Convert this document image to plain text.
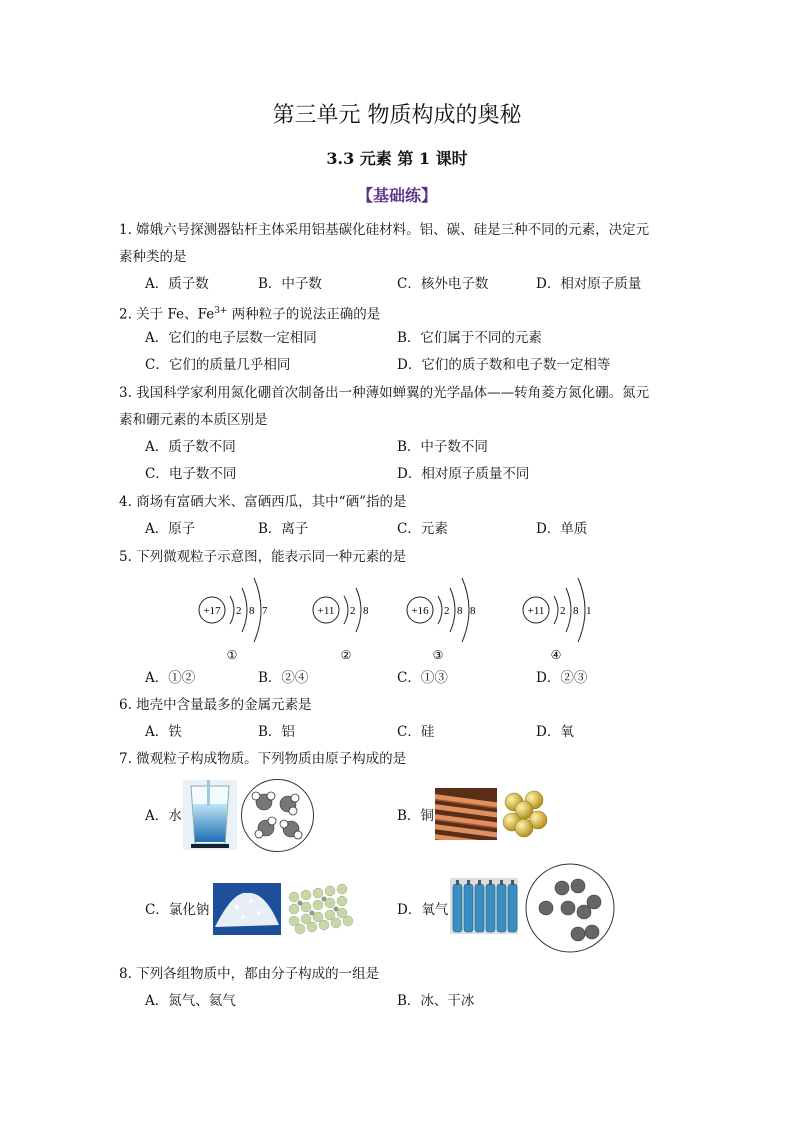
第三单元 物质构成的奥秘
3.3 元素 第 1 课时
【基础练】
1. 嫦娥六号探测器钻杆主体采用铝基碳化硅材料。铝、碳、硅是三种不同的元素，决定元
素种类的是
A．质子数	B．中子数	C．核外电子数	D．相对原子质量
2. 关于 Fe、$Fe^{3+}$ 两种粒子的说法正确的是
A．它们的电子层数一定相同	B．它们属于不同的元素
C．它们的质量几乎相同	D．它们的质子数和电子数一定相等
3. 我国科学家利用氮化硼首次制备出一种薄如蝉翼的光学晶体——转角菱方氮化硼。氮元
素和硼元素的本质区别是
A．质子数不同	B．中子数不同
C．电子数不同	D．相对原子质量不同
4. 商场有富硒大米、富硒西瓜，其中“硒”指的是
A．原子	B．离子	C．元素	D．单质
5. 下列微观粒子示意图，能表示同一种元素的是
+17 2 8 7
①
+11 2 8
②
+16 2 8 8
③
+11 2 8 1
④
A．①②	B．②④	C．①③	D．②③
6. 地壳中含量最多的金属元素是
A．铁	B．铝	C．硅	D．氧
7. 微观粒子构成物质。下列物质由原子构成的是
A．水	B．铜
C．氯化钠	D．氧气
8. 下列各组物质中，都由分子构成的一组是
A．氮气、氦气	B．冰、干冰
